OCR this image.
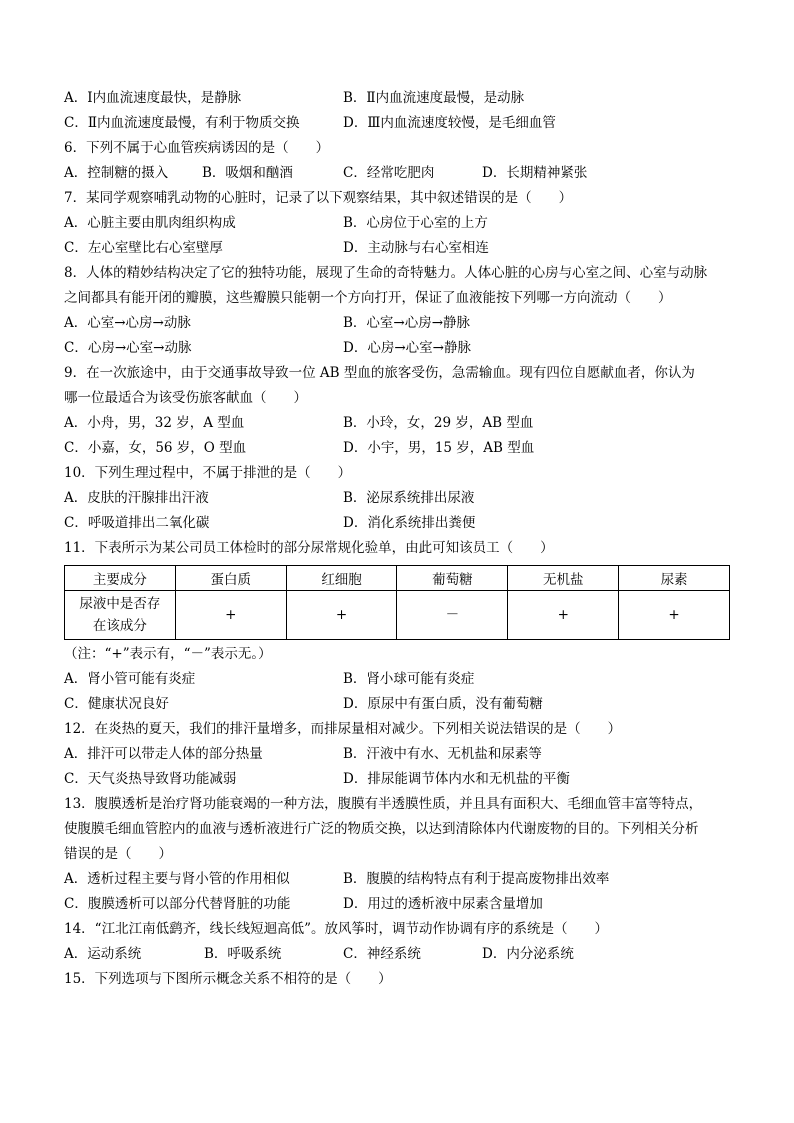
A．Ⅰ内血流速度最快，是静脉	B．Ⅱ内血流速度最慢，是动脉
C．Ⅱ内血流速度最慢，有利于物质交换	D．Ⅲ内血流速度较慢，是毛细血管
6．下列不属于心血管疾病诱因的是（　　）
A．控制糖的摄入	B．吸烟和酗酒	C．经常吃肥肉	D．长期精神紧张
7．某同学观察哺乳动物的心脏时，记录了以下观察结果，其中叙述错误的是（　　）
A．心脏主要由肌肉组织构成	B．心房位于心室的上方
C．左心室壁比右心室壁厚	D．主动脉与右心室相连
8．人体的精妙结构决定了它的独特功能，展现了生命的奇特魅力。人体心脏的心房与心室之间、心室与动脉
之间都具有能开闭的瓣膜，这些瓣膜只能朝一个方向打开，保证了血液能按下列哪一方向流动（　　）
A．心室→心房→动脉	B．心室→心房→静脉
C．心房→心室→动脉	D．心房→心室→静脉
9．在一次旅途中，由于交通事故导致一位 AB 型血的旅客受伤，急需输血。现有四位自愿献血者，你认为
哪一位最适合为该受伤旅客献血（　　）
A．小舟，男，32 岁，A 型血	B．小玲，女，29 岁，AB 型血
C．小嘉，女，56 岁，O 型血	D．小宇，男，15 岁，AB 型血
10．下列生理过程中，不属于排泄的是（　　）
A．皮肤的汗腺排出汗液	B．泌尿系统排出尿液
C．呼吸道排出二氧化碳	D．消化系统排出粪便
11．下表所示为某公司员工体检时的部分尿常规化验单，由此可知该员工（　　）
主要成分	蛋白质	红细胞	葡萄糖	无机盐	尿素
尿液中是否存
在该成分	+	+	－	+	+
（注：“+”表示有，“－”表示无。）
A．肾小管可能有炎症	B．肾小球可能有炎症
C．健康状况良好	D．原尿中有蛋白质，没有葡萄糖
12．在炎热的夏天，我们的排汗量增多，而排尿量相对减少。下列相关说法错误的是（　　）
A．排汗可以带走人体的部分热量	B．汗液中有水、无机盐和尿素等
C．天气炎热导致肾功能减弱	D．排尿能调节体内水和无机盐的平衡
13．腹膜透析是治疗肾功能衰竭的一种方法，腹膜有半透膜性质，并且具有面积大、毛细血管丰富等特点，
使腹膜毛细血管腔内的血液与透析液进行广泛的物质交换，以达到清除体内代谢废物的目的。下列相关分析
错误的是（　　）
A．透析过程主要与肾小管的作用相似	B．腹膜的结构特点有利于提高废物排出效率
C．腹膜透析可以部分代替肾脏的功能	D．用过的透析液中尿素含量增加
14．“江北江南低鹞齐，线长线短迴高低”。放风筝时，调节动作协调有序的系统是（　　）
A．运动系统	B．呼吸系统	C．神经系统	D．内分泌系统
15．下列选项与下图所示概念关系不相符的是（　　）
